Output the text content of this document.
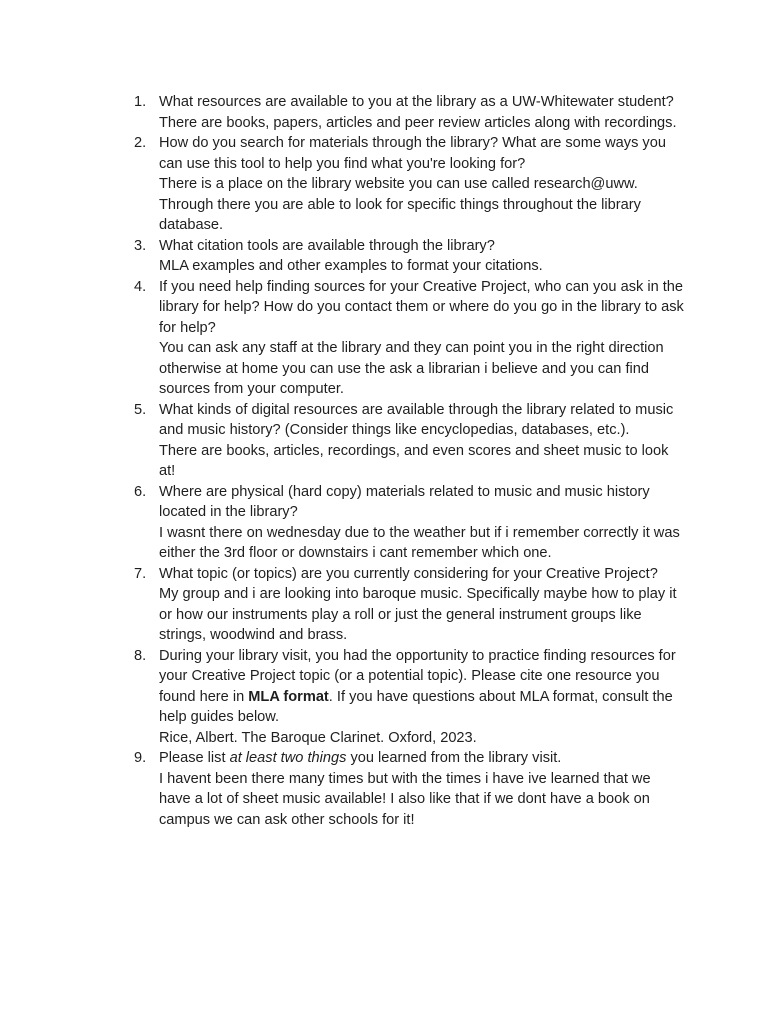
1. What resources are available to you at the library as a UW-Whitewater student?
There are books, papers, articles and peer review articles along with recordings.
2. How do you search for materials through the library? What are some ways you can use this tool to help you find what you're looking for?
There is a place on the library website you can use called research@uww. Through there you are able to look for specific things throughout the library database.
3. What citation tools are available through the library?
MLA examples and other examples to format your citations.
4. If you need help finding sources for your Creative Project, who can you ask in the library for help? How do you contact them or where do you go in the library to ask for help?
You can ask any staff at the library and they can point you in the right direction otherwise at home you can use the ask a librarian i believe and you can find sources from your computer.
5. What kinds of digital resources are available through the library related to music and music history? (Consider things like encyclopedias, databases, etc.).
There are books, articles, recordings, and even scores and sheet music to look at!
6. Where are physical (hard copy) materials related to music and music history located in the library?
I wasnt there on wednesday due to the weather but if i remember correctly it was either the 3rd floor or downstairs i cant remember which one.
7. What topic (or topics) are you currently considering for your Creative Project?
My group and i are looking into baroque music. Specifically maybe how to play it or how our instruments play a roll or just the general instrument groups like strings, woodwind and brass.
8. During your library visit, you had the opportunity to practice finding resources for your Creative Project topic (or a potential topic). Please cite one resource you found here in MLA format. If you have questions about MLA format, consult the help guides below.
Rice, Albert. The Baroque Clarinet. Oxford, 2023.
9. Please list at least two things you learned from the library visit.
I havent been there many times but with the times i have ive learned that we have a lot of sheet music available! I also like that if we dont have a book on campus we can ask other schools for it!
